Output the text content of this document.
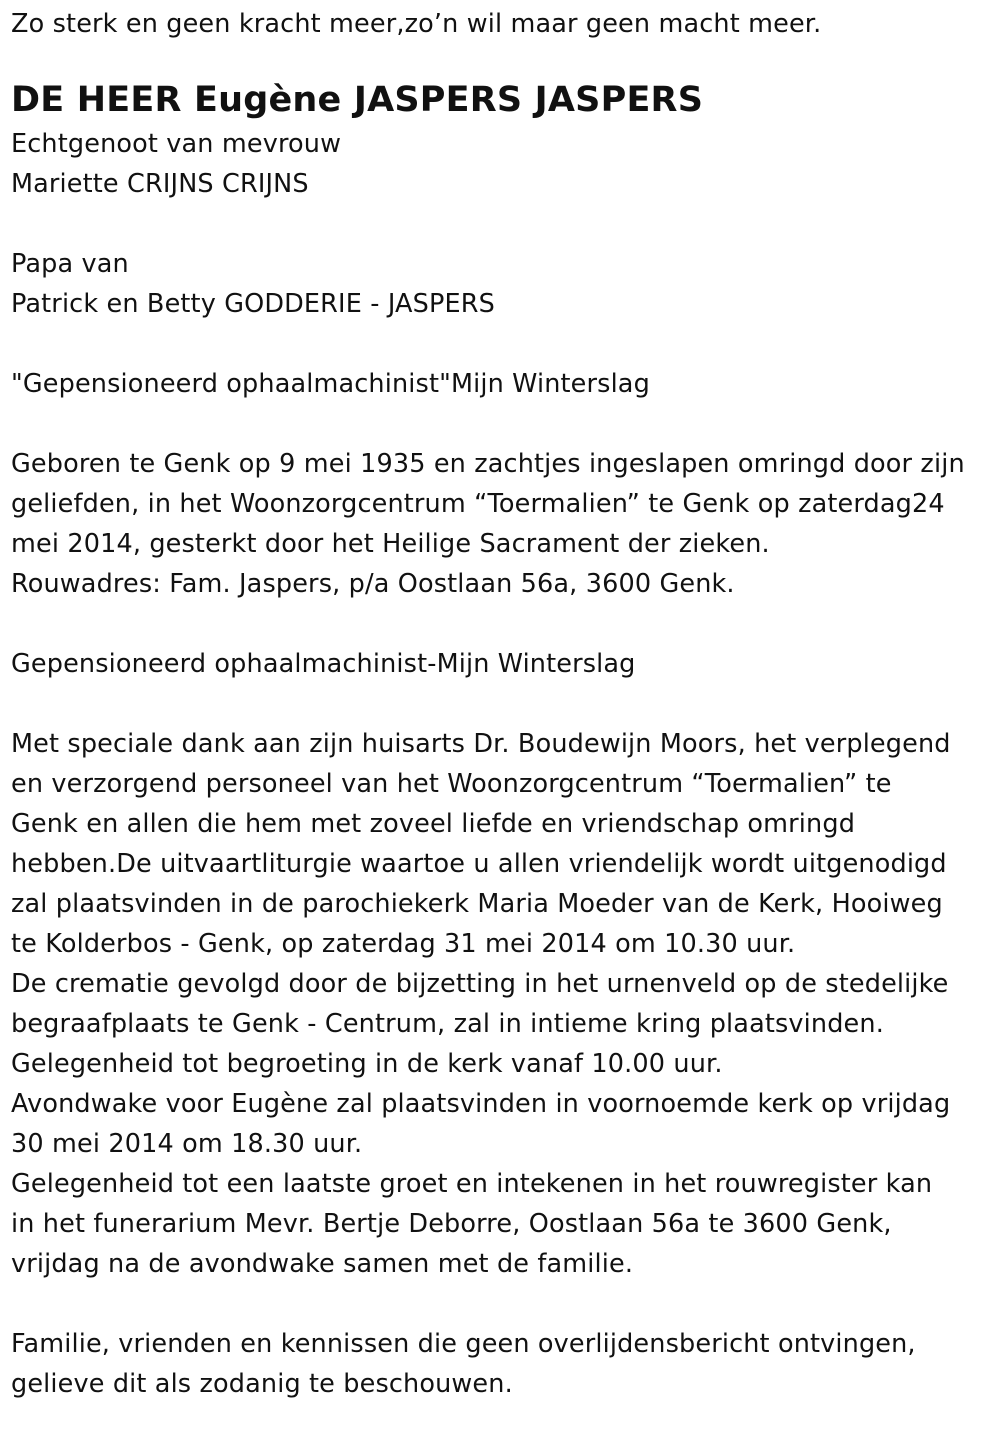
Zo sterk en geen kracht meer,zo’n wil maar geen macht meer.
DE HEER Eugène JASPERS JASPERS
Echtgenoot van mevrouw
Mariette CRIJNS CRIJNS
Papa van
Patrick en Betty GODDERIE - JASPERS
"Gepensioneerd ophaalmachinist"Mijn Winterslag
Geboren te Genk op 9 mei 1935 en zachtjes ingeslapen omringd door zijn
geliefden, in het Woonzorgcentrum “Toermalien” te Genk op zaterdag24
mei 2014, gesterkt door het Heilige Sacrament der zieken.
Rouwadres: Fam. Jaspers, p/a Oostlaan 56a, 3600 Genk.
Gepensioneerd ophaalmachinist-Mijn Winterslag
Met speciale dank aan zijn huisarts Dr. Boudewijn Moors, het verplegend
en verzorgend personeel van het Woonzorgcentrum “Toermalien” te
Genk en allen die hem met zoveel liefde en vriendschap omringd
hebben.De uitvaartliturgie waartoe u allen vriendelijk wordt uitgenodigd
zal plaatsvinden in de parochiekerk Maria Moeder van de Kerk, Hooiweg
te Kolderbos - Genk, op zaterdag 31 mei 2014 om 10.30 uur.
De crematie gevolgd door de bijzetting in het urnenveld op de stedelijke
begraafplaats te Genk - Centrum, zal in intieme kring plaatsvinden.
Gelegenheid tot begroeting in de kerk vanaf 10.00 uur.
Avondwake voor Eugène zal plaatsvinden in voornoemde kerk op vrijdag
30 mei 2014 om 18.30 uur.
Gelegenheid tot een laatste groet en intekenen in het rouwregister kan
in het funerarium Mevr. Bertje Deborre, Oostlaan 56a te 3600 Genk,
vrijdag na de avondwake samen met de familie.
Familie, vrienden en kennissen die geen overlijdensbericht ontvingen,
gelieve dit als zodanig te beschouwen.
